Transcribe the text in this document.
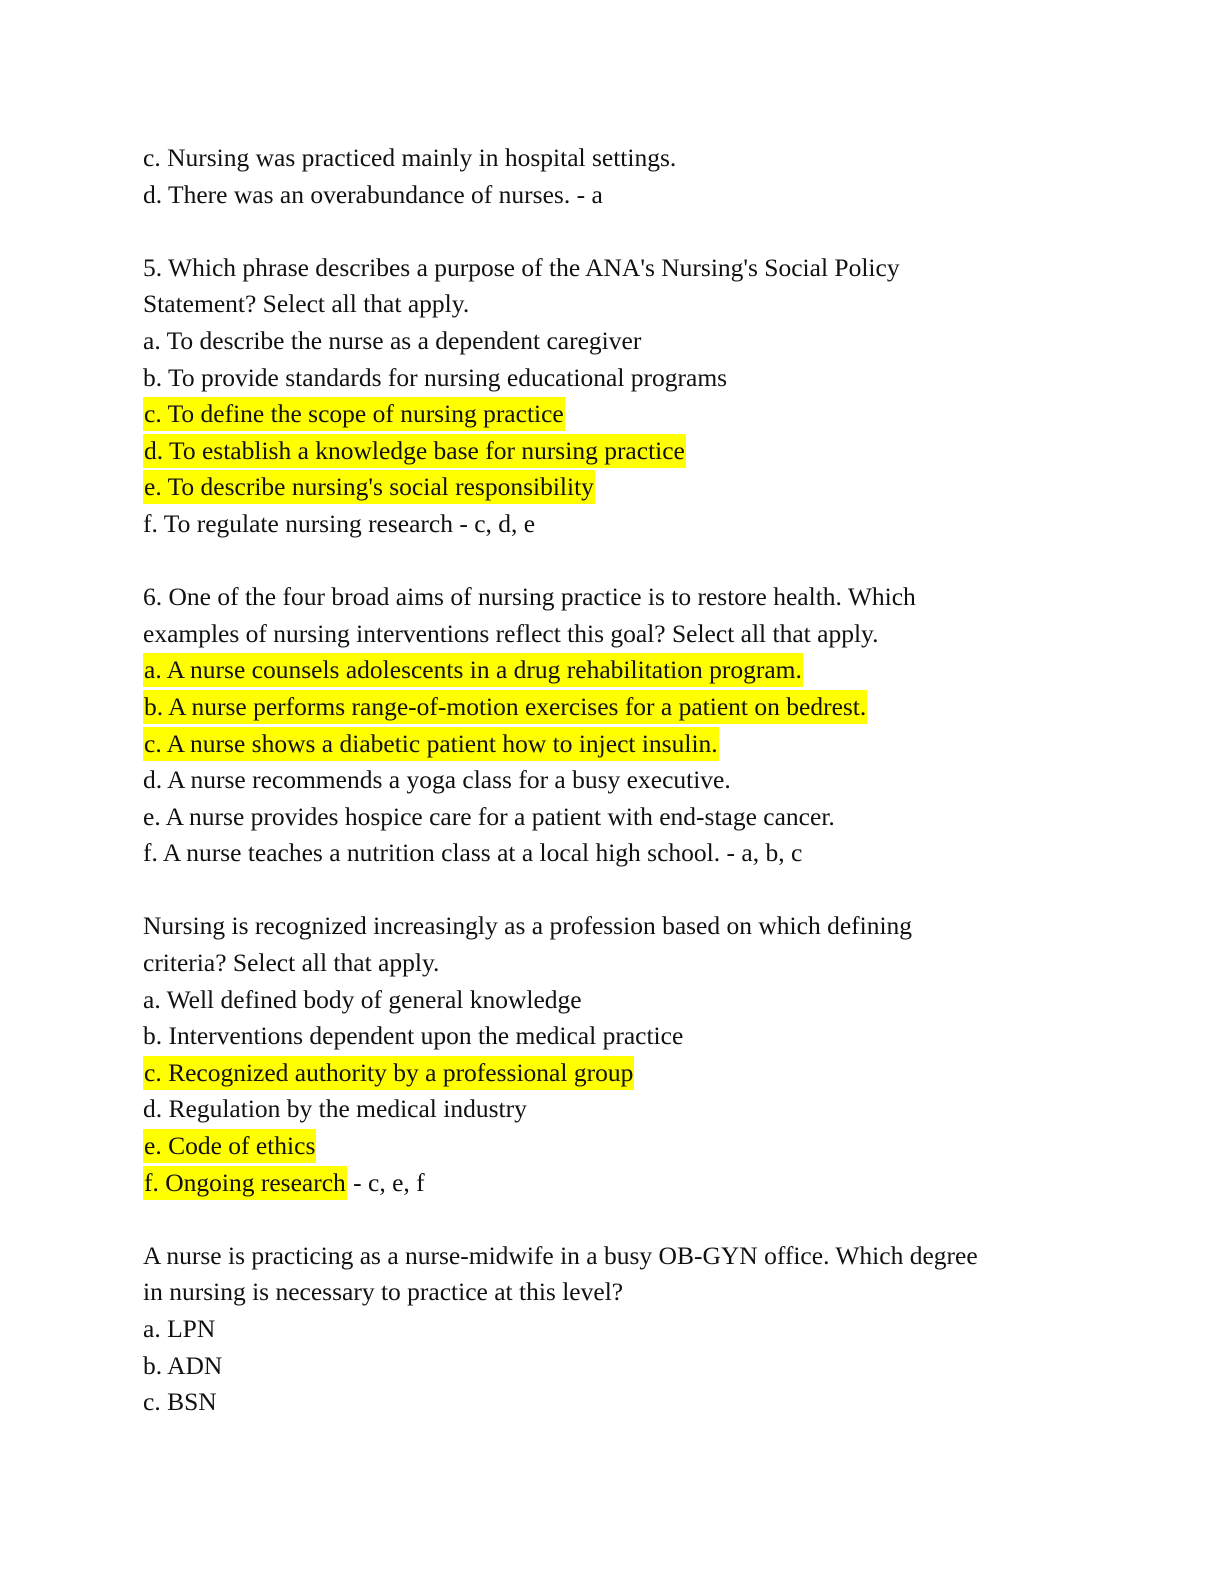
c. Nursing was practiced mainly in hospital settings.
d. There was an overabundance of nurses. - a
5. Which phrase describes a purpose of the ANA's Nursing's Social Policy
Statement? Select all that apply.
a. To describe the nurse as a dependent caregiver
b. To provide standards for nursing educational programs
c. To define the scope of nursing practice
d. To establish a knowledge base for nursing practice
e. To describe nursing's social responsibility
f. To regulate nursing research - c, d, e
6. One of the four broad aims of nursing practice is to restore health. Which
examples of nursing interventions reflect this goal? Select all that apply.
a. A nurse counsels adolescents in a drug rehabilitation program.
b. A nurse performs range-of-motion exercises for a patient on bedrest.
c. A nurse shows a diabetic patient how to inject insulin.
d. A nurse recommends a yoga class for a busy executive.
e. A nurse provides hospice care for a patient with end-stage cancer.
f. A nurse teaches a nutrition class at a local high school. - a, b, c
Nursing is recognized increasingly as a profession based on which defining
criteria? Select all that apply.
a. Well defined body of general knowledge
b. Interventions dependent upon the medical practice
c. Recognized authority by a professional group
d. Regulation by the medical industry
e. Code of ethics
f. Ongoing research - c, e, f
A nurse is practicing as a nurse-midwife in a busy OB-GYN office. Which degree
in nursing is necessary to practice at this level?
a. LPN
b. ADN
c. BSN
